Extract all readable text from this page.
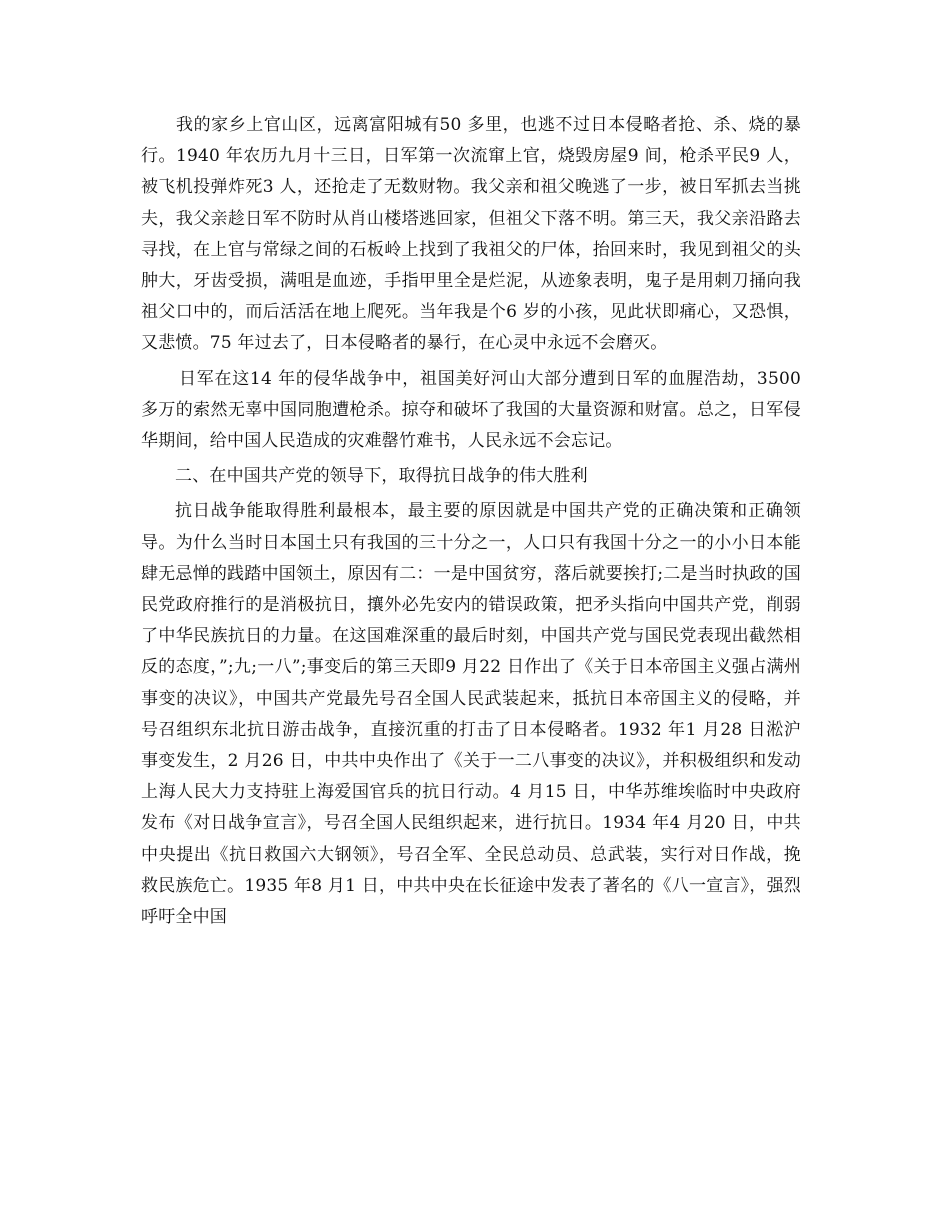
我的家乡上官山区，远离富阳城有50 多里，也逃不过日本侵略者抢、杀、烧的暴行。1940 年农历九月十三日，日军第一次流窜上官，烧毁房屋9 间，枪杀平民9 人，被飞机投弹炸死3 人，还抢走了无数财物。我父亲和祖父晚逃了一步，被日军抓去当挑夫，我父亲趁日军不防时从肖山楼塔逃回家，但祖父下落不明。第三天，我父亲沿路去寻找，在上官与常绿之间的石板岭上找到了我祖父的尸体，抬回来时，我见到祖父的头肿大，牙齿受损，满咀是血迹，手指甲里全是烂泥，从迹象表明，鬼子是用刺刀捅向我祖父口中的，而后活活在地上爬死。当年我是个6 岁的小孩，见此状即痛心，又恐惧，又悲愤。75 年过去了，日本侵略者的暴行，在心灵中永远不会磨灭。

日军在这14 年的侵华战争中，祖国美好河山大部分遭到日军的血腥浩劫，3500 多万的索然无辜中国同胞遭枪杀。掠夺和破坏了我国的大量资源和财富。总之，日军侵华期间，给中国人民造成的灾难罄竹难书，人民永远不会忘记。

二、在中国共产党的领导下，取得抗日战争的伟大胜利

抗日战争能取得胜利最根本，最主要的原因就是中国共产党的正确决策和正确领导。为什么当时日本国土只有我国的三十分之一，人口只有我国十分之一的小小日本能肆无忌惮的践踏中国领土，原因有二：一是中国贫穷，落后就要挨打;二是当时执政的国民党政府推行的是消极抗日，攘外必先安内的错误政策，把矛头指向中国共产党，削弱了中华民族抗日的力量。在这国难深重的最后时刻，中国共产党与国民党表现出截然相反的态度，”;九;一八”;事变后的第三天即9 月22 日作出了《关于日本帝国主义强占满州事变的决议》，中国共产党最先号召全国人民武装起来，抵抗日本帝国主义的侵略，并号召组织东北抗日游击战争，直接沉重的打击了日本侵略者。1932 年1 月28 日淞沪事变发生，2 月26 日，中共中央作出了《关于一二八事变的决议》，并积极组织和发动上海人民大力支持驻上海爱国官兵的抗日行动。4 月15 日，中华苏维埃临时中央政府发布《对日战争宣言》，号召全国人民组织起来，进行抗日。1934 年4 月20 日，中共中央提出《抗日救国六大钢领》，号召全军、全民总动员、总武装，实行对日作战，挽救民族危亡。1935 年8 月1 日，中共中央在长征途中发表了著名的《八一宣言》，强烈呼吁全中国
